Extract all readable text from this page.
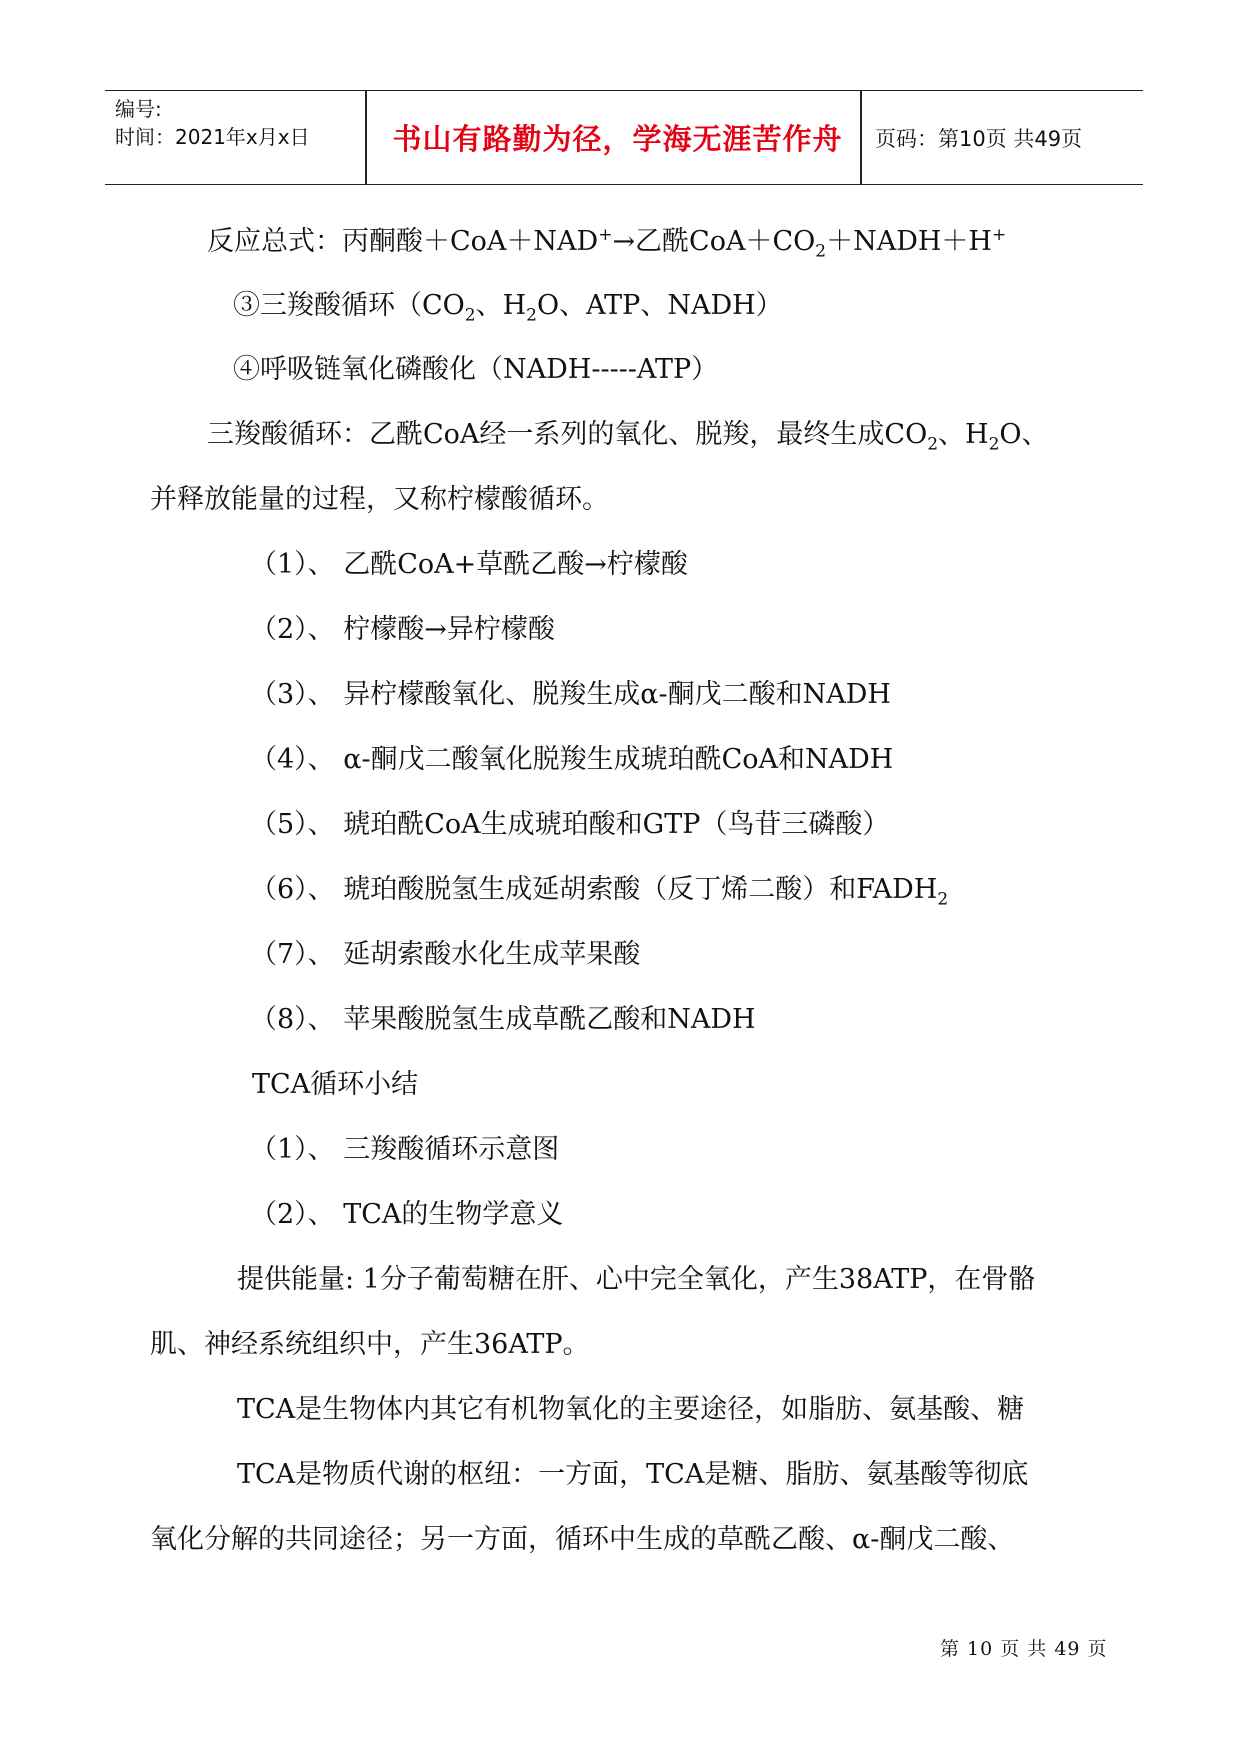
编号:
时间：2021年x月x日	书山有路勤为径，学海无涯苦作舟	页码：第10页 共49页
反应总式：丙酮酸＋CoA＋NAD+→乙酰$CoA+CO_2+NADH+H^+$
③三羧酸循环（$CO_2$、$H_2O$、ATP、NADH）
④呼吸链氧化磷酸化（NADH-----ATP）
三羧酸循环：乙酰CoA经一系列的氧化、脱羧，最终生成$CO_2$、$H_2O$、
并释放能量的过程，又称柠檬酸循环。
（1）、 乙酰CoA+草酰乙酸→柠檬酸
（2）、 柠檬酸→异柠檬酸
（3）、 异柠檬酸氧化、脱羧生成α-酮戊二酸和NADH
（4）、 α-酮戊二酸氧化脱羧生成琥珀酰CoA和NADH
（5）、 琥珀酰CoA生成琥珀酸和GTP（鸟苷三磷酸）
（6）、 琥珀酸脱氢生成延胡索酸（反丁烯二酸）和$FADH_2$
（7）、 延胡索酸水化生成苹果酸
（8）、 苹果酸脱氢生成草酰乙酸和NADH
TCA循环小结
（1）、 三羧酸循环示意图
（2）、 TCA的生物学意义
提供能量: 1分子葡萄糖在肝、心中完全氧化，产生38ATP，在骨骼
肌、神经系统组织中，产生36ATP。
TCA是生物体内其它有机物氧化的主要途径，如脂肪、氨基酸、糖
TCA是物质代谢的枢纽：一方面，TCA是糖、脂肪、氨基酸等彻底
氧化分解的共同途径；另一方面，循环中生成的草酰乙酸、α-酮戊二酸、
第 10 页 共 49 页
